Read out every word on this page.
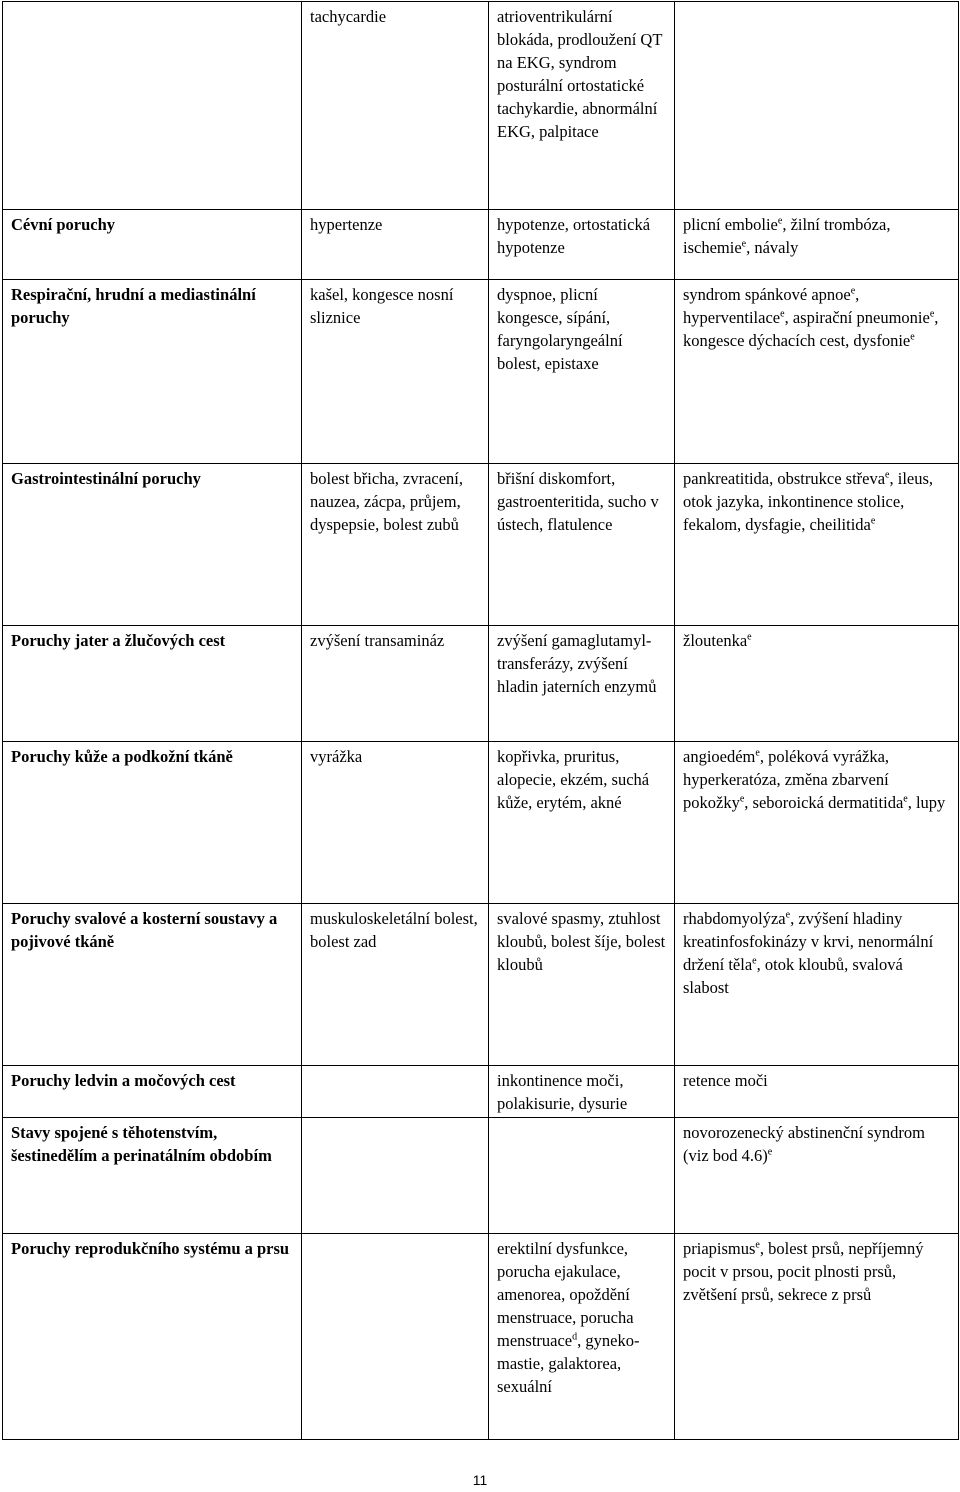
	tachycardie	atrioventrikulární blokáda, prodloužení QT na EKG, syndrom posturální ortostatické tachykardie, abnormální EKG, palpitace	
Cévní poruchy	hypertenze	hypotenze, ortostatická hypotenze	plicní embolie$^e$, žilní trombóza, ischemie$^e$, návaly
Respirační, hrudní a mediastinální poruchy	kašel, kongesce nosní sliznice	dyspnoe, plicní kongesce, sípání, faryngolaryngeální bolest, epistaxe	syndrom spánkové apnoe$^e$, hyperventilace$^e$, aspirační pneumonie$^e$, kongesce dýchacích cest, dysfonie$^e$
Gastrointestinální poruchy	bolest břicha, zvracení, nauzea, zácpa, průjem, dyspepsie, bolest zubů	břišní diskomfort, gastroenteritida, sucho v ústech, flatulence	pankreatitida, obstrukce střeva$^e$, ileus, otok jazyka, inkontinence stolice, fekalom, dysfagie, cheilitida$^e$
Poruchy jater a žlučových cest	zvýšení transamináz	zvýšení gamaglutamyl-transferázy, zvýšení hladin jaterních enzymů	žloutenka$^e$
Poruchy kůže a podkožní tkáně	vyrážka	kopřivka, pruritus, alopecie, ekzém, suchá kůže, erytém, akné	angioedém$^e$, poléková vyrážka, hyperkeratóza, změna zbarvení pokožky$^e$, seboroická dermatitida$^e$, lupy
Poruchy svalové a kosterní soustavy a pojivové tkáně	muskuloskeletální bolest, bolest zad	svalové spasmy, ztuhlost kloubů, bolest šíje, bolest kloubů	rhabdomyolýza$^e$, zvýšení hladiny kreatinfosfokinázy v krvi, nenormální držení těla$^e$, otok kloubů, svalová slabost
Poruchy ledvin a močových cest		inkontinence moči, polakisurie, dysurie	retence moči
Stavy spojené s těhotenstvím, šestinedělím a perinatálním obdobím			novorozenecký abstinenční syndrom (viz bod 4.6)$^e$
Poruchy reprodukčního systému a prsu		erektilní dysfunkce, porucha ejakulace, amenorea, opoždění menstruace, porucha menstruace$^d$, gyneko-mastie, galaktorea, sexuální	priapismus$^e$, bolest prsů, nepříjemný pocit v prsou, pocit plnosti prsů, zvětšení prsů, sekrece z prsů
11
